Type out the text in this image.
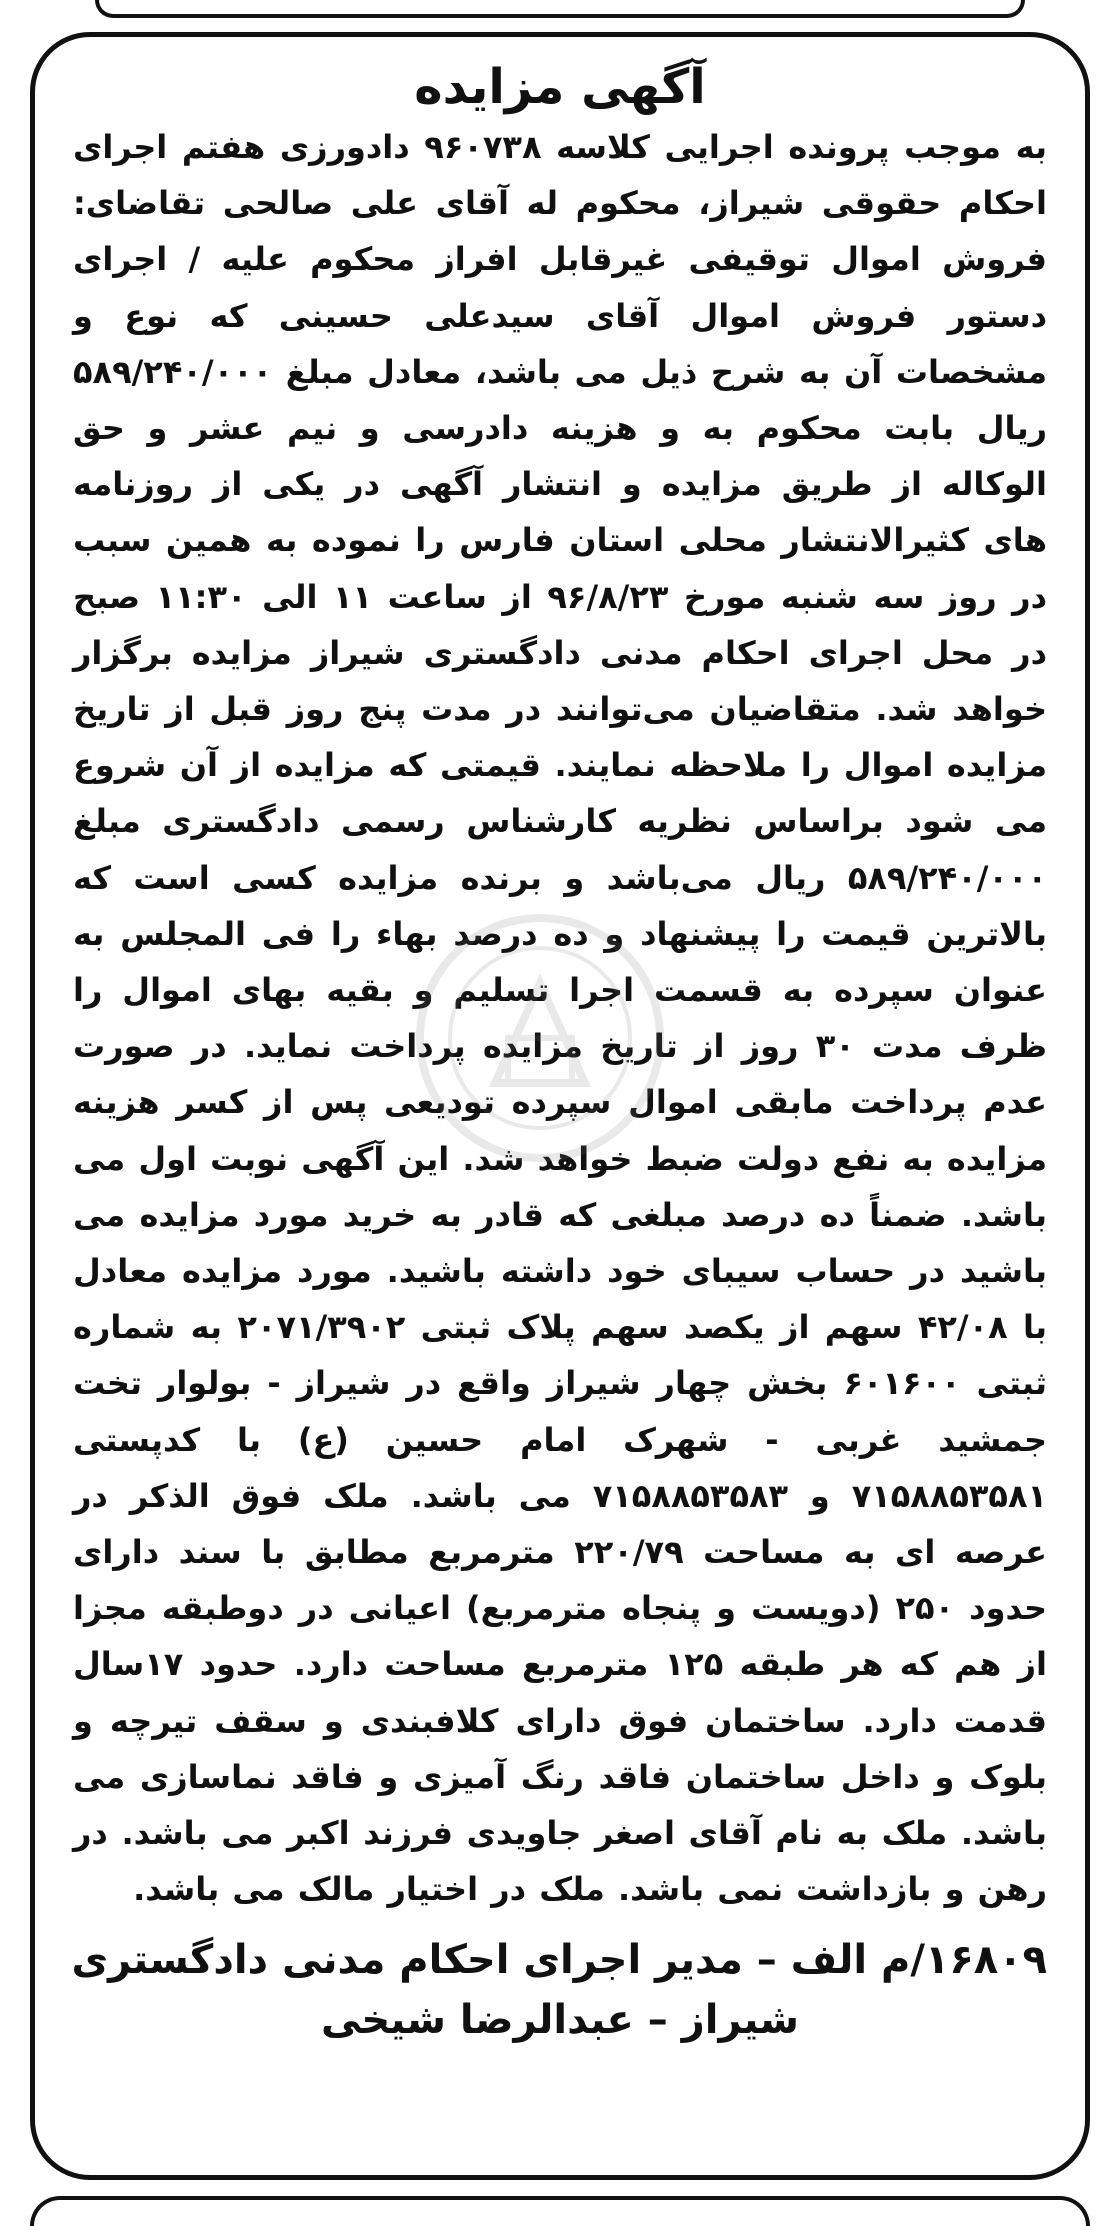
آگهی مزایده

به موجب پرونده اجرایی کلاسه ۹۶۰۷۳۸ دادورزی هفتم اجرای احکام حقوقی شیراز، محکوم له آقای علی صالحی تقاضای: فروش اموال توقیفی غیرقابل افراز محکوم علیه / اجرای دستور فروش اموال آقای سیدعلی حسینی که نوع و مشخصات آن به شرح ذیل می باشد، معادل مبلغ ۵۸۹/۲۴۰/۰۰۰ ریال بابت محکوم به و هزینه دادرسی و نیم عشر و حق الوکاله از طریق مزایده و انتشار آگهی در یکی از روزنامه های کثیرالانتشار محلی استان فارس را نموده به همین سبب در روز سه شنبه مورخ ۹۶/۸/۲۳ از ساعت ۱۱ الی ۱۱:۳۰ صبح در محل اجرای احکام مدنی دادگستری شیراز مزایده برگزار خواهد شد. متقاضیان می‌توانند در مدت پنج روز قبل از تاریخ مزایده اموال را ملاحظه نمایند. قیمتی که مزایده از آن شروع می شود براساس نظریه کارشناس رسمی دادگستری مبلغ ۵۸۹/۲۴۰/۰۰۰ ریال می‌باشد و برنده مزایده کسی است که بالاترین قیمت را پیشنهاد و ده درصد بهاء را فی المجلس به عنوان سپرده به قسمت اجرا تسلیم و بقیه بهای اموال را ظرف مدت ۳۰ روز از تاریخ مزایده پرداخت نماید. در صورت عدم پرداخت مابقی اموال سپرده تودیعی پس از کسر هزینه مزایده به نفع دولت ضبط خواهد شد. این آگهی نوبت اول می باشد. ضمناً ده درصد مبلغی که قادر به خرید مورد مزایده می باشید در حساب سیبای خود داشته باشید. مورد مزایده معادل با ۴۲/۰۸ سهم از یکصد سهم پلاک ثبتی ۲۰۷۱/۳۹۰۲ به شماره ثبتی ۶۰۱۶۰۰ بخش چهار شیراز واقع در شیراز - بولوار تخت جمشید غربی - شهرک امام حسین (ع) با کدپستی ۷۱۵۸۸۵۳۵۸۱ و ۷۱۵۸۸۵۳۵۸۳ می باشد. ملک فوق الذکر در عرصه ای به مساحت ۲۲۰/۷۹ مترمربع مطابق با سند دارای حدود ۲۵۰ (دویست و پنجاه مترمربع) اعیانی در دوطبقه مجزا از هم که هر طبقه ۱۲۵ مترمربع مساحت دارد. حدود ۱۷سال قدمت دارد. ساختمان فوق دارای کلافبندی و سقف تیرچه و بلوک و داخل ساختمان فاقد رنگ آمیزی و فاقد نماسازی می باشد. ملک به نام آقای اصغر جاویدی فرزند اکبر می باشد. در رهن و بازداشت نمی باشد. ملک در اختیار مالک می باشد.

۱۶۸۰۹/م الف – مدیر اجرای احکام مدنی دادگستری
شیراز – عبدالرضا شیخی
